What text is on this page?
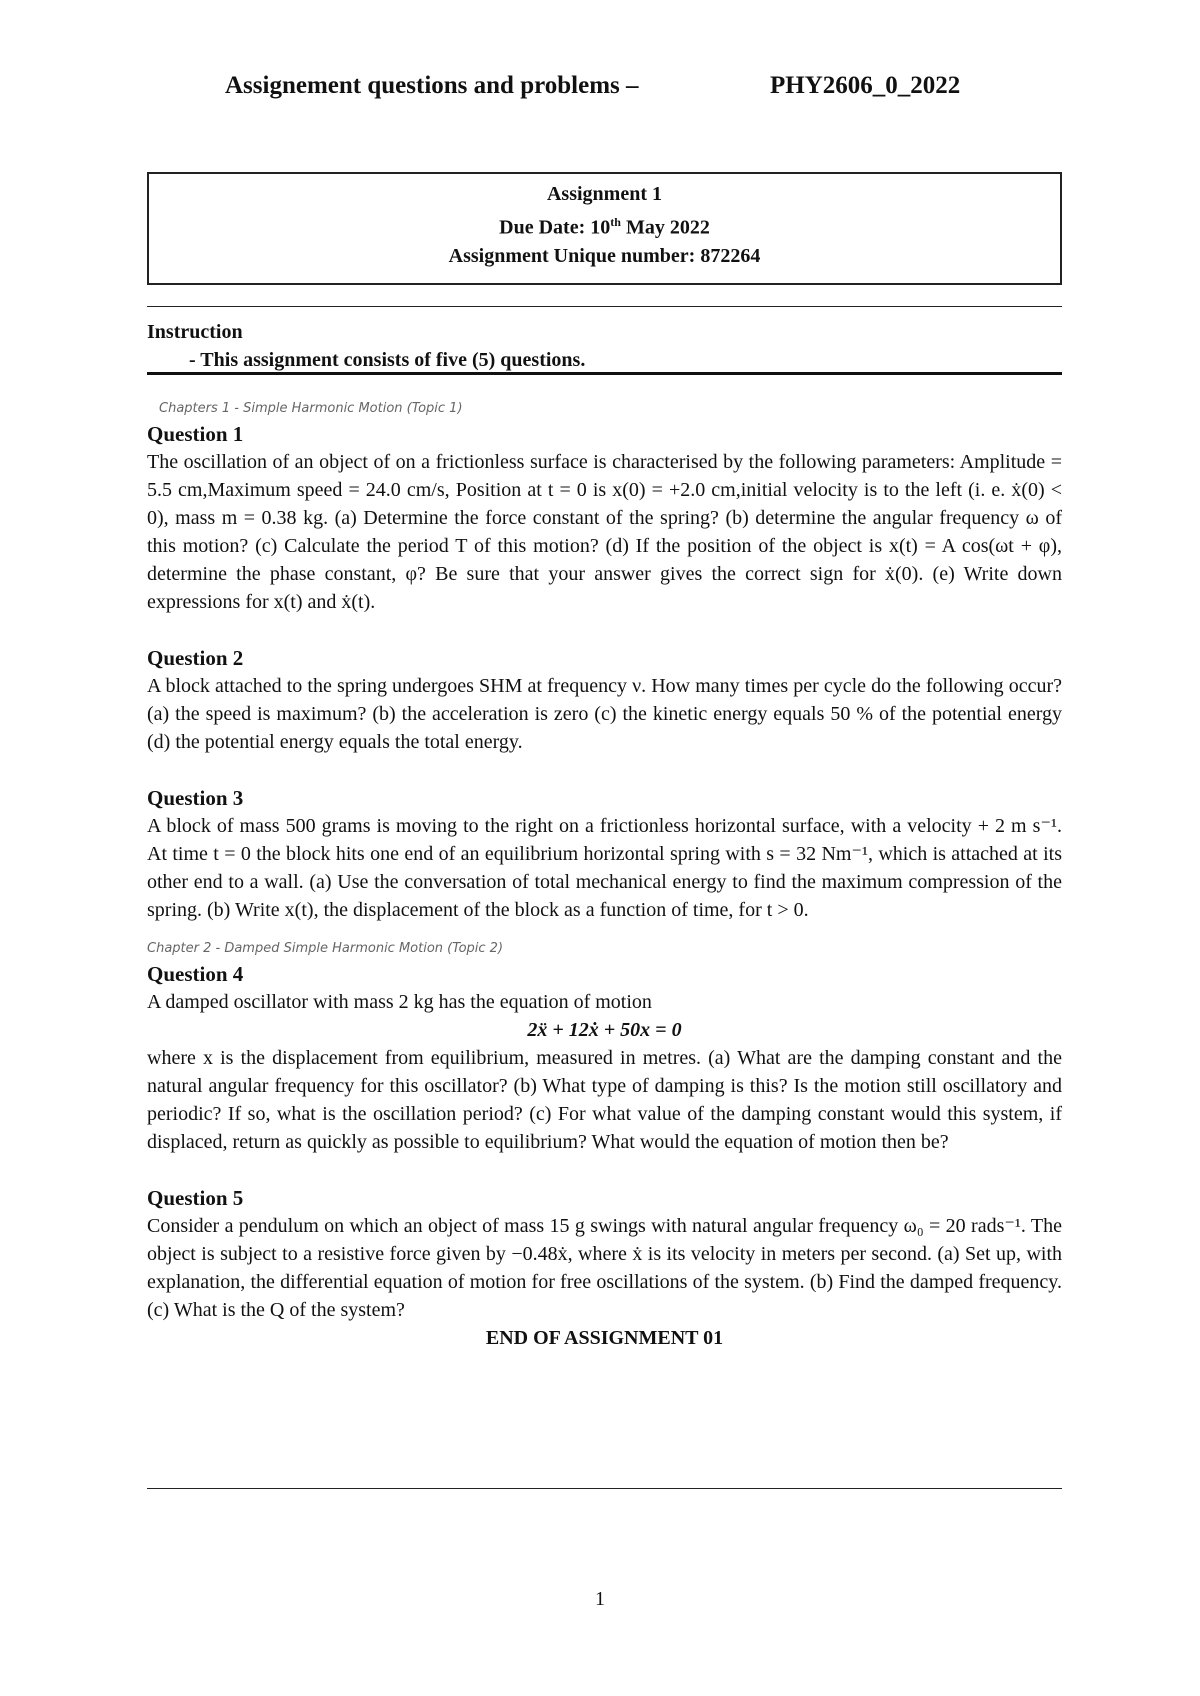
Assignement questions and problems –	PHY2606_0_2022
Assignment 1
Due Date: 10th May 2022
Assignment Unique number: 872264
Instruction
- This assignment consists of five (5) questions.
Chapters 1 - Simple Harmonic Motion (Topic 1)
Question 1
The oscillation of an object of on a frictionless surface is characterised by the following parameters: Amplitude = 5.5 cm,Maximum speed = 24.0 cm/s, Position at t = 0 is x(0) = +2.0 cm,initial velocity is to the left (i. e. ẋ(0) < 0), mass m = 0.38 kg. (a) Determine the force constant of the spring? (b) determine the angular frequency ω of this motion? (c) Calculate the period T of this motion? (d) If the position of the object is x(t) = A cos(ωt + φ), determine the phase constant, φ? Be sure that your answer gives the correct sign for ẋ(0). (e) Write down expressions for x(t) and ẋ(t).
Question 2
A block attached to the spring undergoes SHM at frequency ν. How many times per cycle do the following occur? (a) the speed is maximum? (b) the acceleration is zero (c) the kinetic energy equals 50 % of the potential energy (d) the potential energy equals the total energy.
Question 3
A block of mass 500 grams is moving to the right on a frictionless horizontal surface, with a velocity + 2 m s⁻¹. At time t = 0 the block hits one end of an equilibrium horizontal spring with s = 32 Nm⁻¹, which is attached at its other end to a wall. (a) Use the conversation of total mechanical energy to find the maximum compression of the spring. (b) Write x(t), the displacement of the block as a function of time, for t > 0.
Chapter 2 - Damped Simple Harmonic Motion (Topic 2)
Question 4
A damped oscillator with mass 2 kg has the equation of motion
2ẍ + 12ẋ + 50x = 0
where x is the displacement from equilibrium, measured in metres. (a) What are the damping constant and the natural angular frequency for this oscillator? (b) What type of damping is this? Is the motion still oscillatory and periodic? If so, what is the oscillation period? (c) For what value of the damping constant would this system, if displaced, return as quickly as possible to equilibrium? What would the equation of motion then be?
Question 5
Consider a pendulum on which an object of mass 15 g swings with natural angular frequency ω₀ = 20 rads⁻¹. The object is subject to a resistive force given by −0.48ẋ, where ẋ is its velocity in meters per second. (a) Set up, with explanation, the differential equation of motion for free oscillations of the system. (b) Find the damped frequency. (c) What is the Q of the system?
END OF ASSIGNMENT 01
1
